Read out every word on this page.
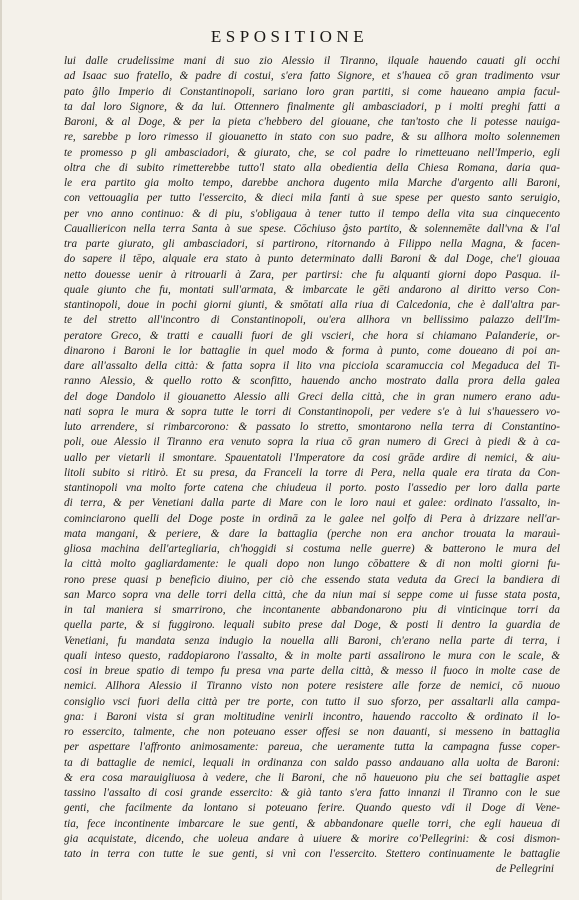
ESPOSITIONE
lui dalle crudelissime mani di suo zio Alessio il Tiranno, ilquale hauendo cauati gli occhi
ad Isaac suo fratello, & padre di costui, s'era fatto Signore, et s'hauea cō gran tradimento vsur
pato ĝllo Imperio di Constantinopoli, sariano loro gran partiti, si come haueano ampia facul-
ta dal loro Signore, & da lui. Ottennero finalmente gli ambasciadori, p i molti preghi fatti a
Baroni, & al Doge, & per la pieta c'hebbero del giouane, che tan'tosto che li potesse nauiga-
re, sarebbe p loro rimesso il giouanetto in stato con suo padre, & su allhora molto solennemen
te promesso p gli ambasciadori, & giurato, che, se col padre lo rimetteuano nell'Imperio, egli
oltra che di subito rimetterebbe tutto'l stato alla obedientia della Chiesa Romana, daria qua-
le era partito gia molto tempo, darebbe anchora dugento mila Marche d'argento alli Baroni,
con vettouaglia per tutto l'essercito, & dieci mila fanti à sue spese per questo santo seruigio,
per vno anno continuo: & di piu, s'obligaua à tener tutto il tempo della vita sua cinquecento
Caualliericon nella terra Santa à sue spese. Cōchiuso ĝsto partito, & solennemēte dall'vna & l'al
tra parte giurato, gli ambasciadori, si partirono, ritornando à Filippo nella Magna, & facen-
do sapere il tēpo, alquale era stato à punto determinato dalli Baroni & dal Doge, che'l giouaa
netto douesse uenir à ritrouarli à Zara, per partirsi: che fu alquanti giorni dopo Pasqua. il-
quale giunto che fu, montati sull'armata, & imbarcate le gēti andarono al diritto verso Con-
stantinopoli, doue in pochi giorni giunti, & smōtati alla riua di Calcedonia, che è dall'altra par-
te del stretto all'incontro di Constantinopoli, ou'era allhora vn bellissimo palazzo dell'Im-
peratore Greco, & tratti e caualli fuori de gli vscieri, che hora si chiamano Palanderie, or-
dinarono i Baroni le lor battaglie in quel modo & forma à punto, come doueano di poi an-
dare all'assalto della città: & fatta sopra il lito vna picciola scaramuccia col Megaduca del Ti-
ranno Alessio, & quello rotto & sconfitto, hauendo ancho mostrato dalla prora della galea
del doge Dandolo il giouanetto Alessio alli Greci della città, che in gran numero erano adu-
nati sopra le mura & sopra tutte le torri di Constantinopoli, per vedere s'e à lui s'hauessero vo-
luto arrendere, si rimbarcorono: & passato lo stretto, smontarono nella terra di Constantino-
poli, oue Alessio il Tiranno era venuto sopra la riua cō gran numero di Greci à piedi & à ca-
uallo per vietarli il smontare. Spauentatoli l'Imperatore da cosi grāde ardire di nemici, & aiu-
litoli subito si ritirò. Et su presa, da Franceli la torre di Pera, nella quale era tirata da Con-
stantinopoli vna molto forte catena che chiudeua il porto. posto l'assedio per loro dalla parte
di terra, & per Venetiani dalla parte di Mare con le loro naui et galee: ordinato l'assalto, in-
cominciarono quelli del Doge poste in ordinā za le galee nel golfo di Pera à drizzare nell'ar-
mata mangani, & periere, & dare la battaglia (perche non era anchor trouata la marauì-
gliosa machina dell'artegliaria, ch'hoggidi si costuma nelle guerre) & batterono le mura del
la città molto gagliardamente: le quali dopo non lungo cōbattere & di non molti giorni fu-
rono prese quasi p beneficio diuino, per ciò che essendo stata veduta da Greci la bandiera di
san Marco sopra vna delle torri della città, che da niun mai si seppe come ui fusse stata posta,
in tal maniera si smarrirono, che incontanente abbandonarono piu di vinticinque torri da
quella parte, & si fuggirono. lequali subito prese dal Doge, & posti li dentro la guardia de
Venetiani, fu mandata senza indugio la nouella alli Baroni, ch'erano nella parte di terra, i
quali inteso questo, raddopiarono l'assalto, & in molte parti assalirono le mura con le scale, &
cosi in breue spatio di tempo fu presa vna parte della città, & messo il fuoco in molte case de
nemici. Allhora Alessio il Tiranno visto non potere resistere alle forze de nemici, cō nuouo
consiglio vsci fuori della città per tre porte, con tutto il suo sforzo, per assaltarli alla campa-
gna: i Baroni vista si gran moltitudine venirli incontro, hauendo raccolto & ordinato il lo-
ro essercito, talmente, che non poteuano esser offesi se non dauanti, si messeno in battaglia
per aspettare l'affronto animosamente: pareua, che ueramente tutta la campagna fusse coper-
ta di battaglie de nemici, lequali in ordinanza con saldo passo andauano alla uolta de Baroni:
& era cosa marauigliuosa à vedere, che li Baroni, che nō haueuono piu che sei battaglie aspet
tassino l'assalto di cosi grande essercito: & già tanto s'era fatto innanzi il Tiranno con le sue
genti, che facilmente da lontano si poteuano ferire. Quando questo vdi il Doge di Vene-
tia, fece incontinente imbarcare le sue genti, & abbandonare quelle torri, che egli haueua di
gia acquistate, dicendo, che uoleua andare à uiuere & morire co'Pellegrini: & cosi dismon-
tato in terra con tutte le sue genti, si vnì con l'essercito. Stettero continuamente le battaglie
de Pellegrini
